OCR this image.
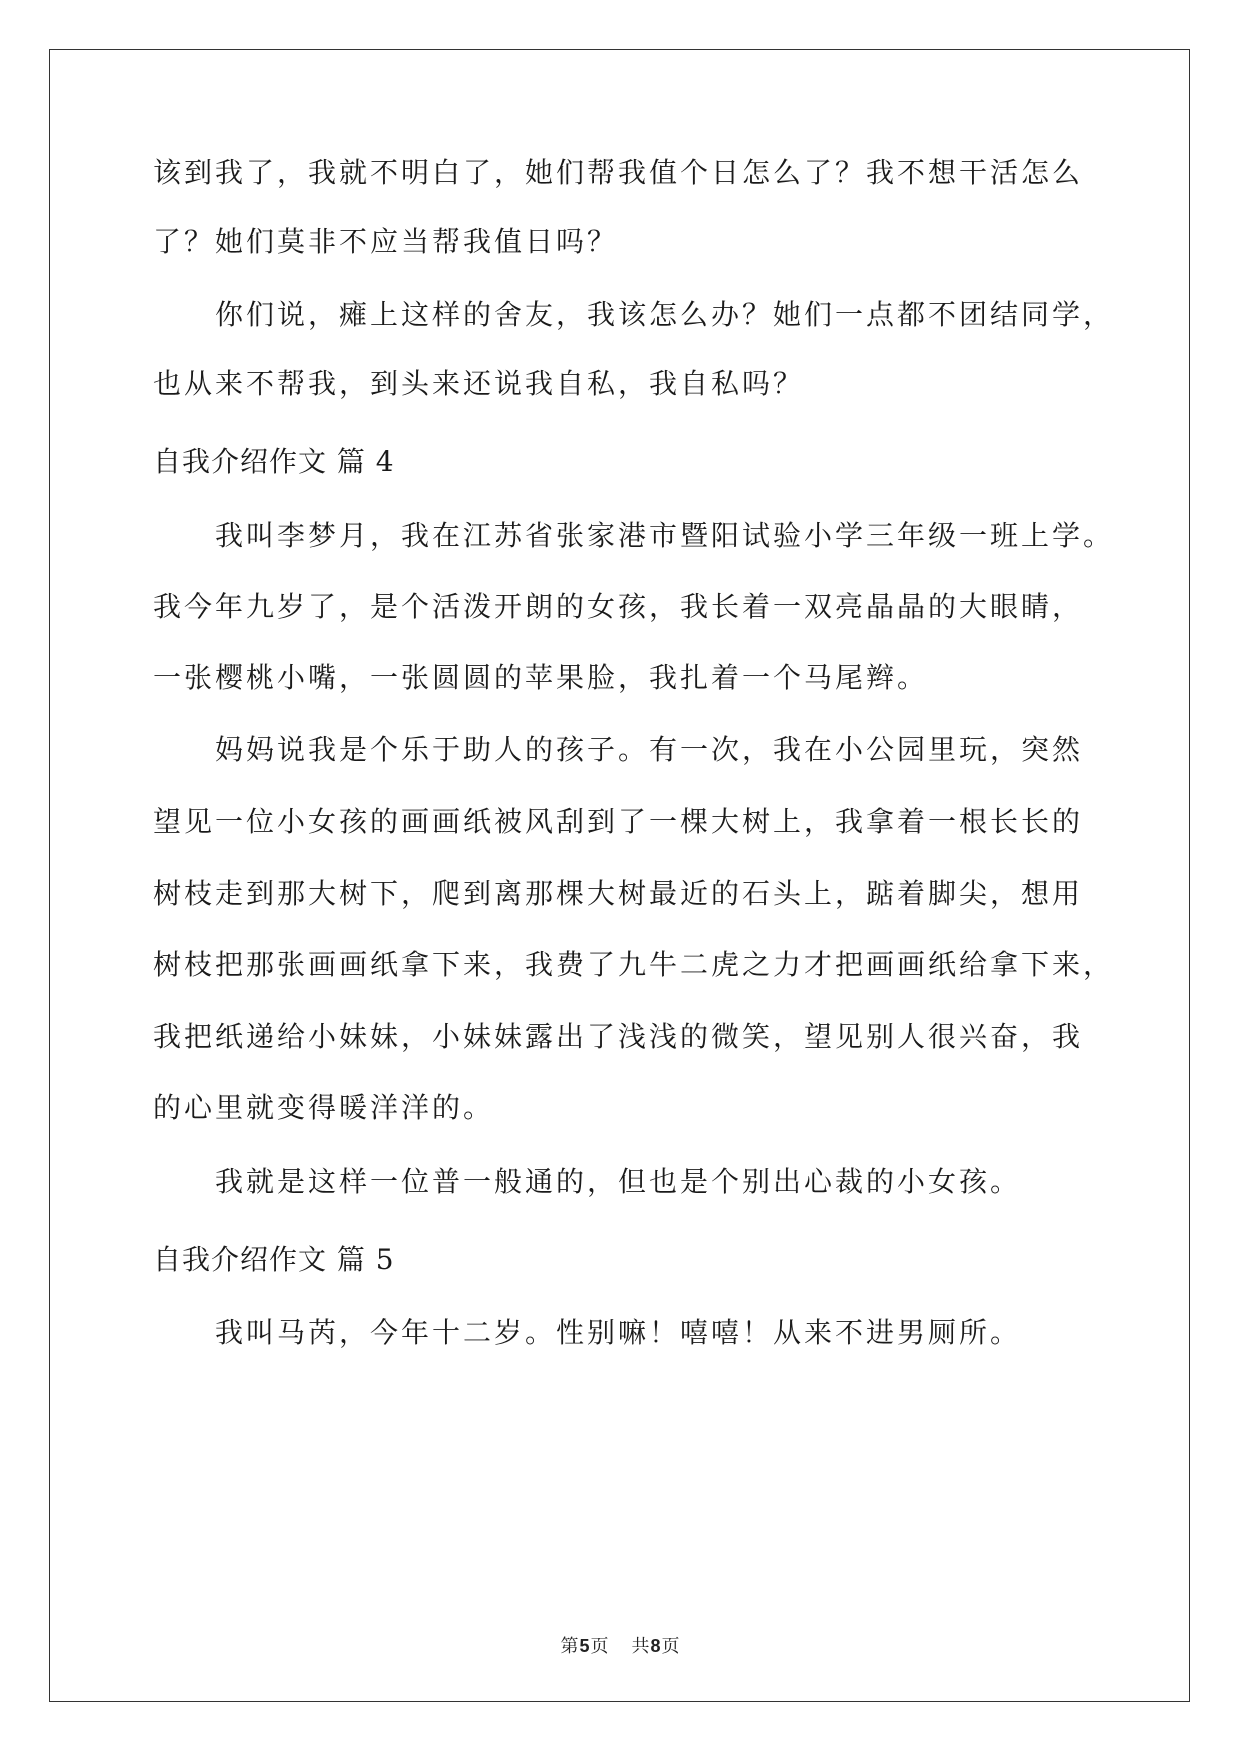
该到我了，我就不明白了，她们帮我值个日怎么了？我不想干活怎么
了？她们莫非不应当帮我值日吗？
你们说，瘫上这样的舍友，我该怎么办？她们一点都不团结同学，
也从来不帮我，到头来还说我自私，我自私吗？
自我介绍作文 篇 4
我叫李梦月，我在江苏省张家港市暨阳试验小学三年级一班上学。
我今年九岁了，是个活泼开朗的女孩，我长着一双亮晶晶的大眼睛，
一张樱桃小嘴，一张圆圆的苹果脸，我扎着一个马尾辫。
妈妈说我是个乐于助人的孩子。有一次，我在小公园里玩，突然
望见一位小女孩的画画纸被风刮到了一棵大树上，我拿着一根长长的
树枝走到那大树下，爬到离那棵大树最近的石头上，踮着脚尖，想用
树枝把那张画画纸拿下来，我费了九牛二虎之力才把画画纸给拿下来，
我把纸递给小妹妹，小妹妹露出了浅浅的微笑，望见别人很兴奋，我
的心里就变得暖洋洋的。
我就是这样一位普一般通的，但也是个别出心裁的小女孩。
自我介绍作文 篇 5
我叫马芮，今年十二岁。性别嘛！嘻嘻！从来不进男厕所。
第5页 共8页
